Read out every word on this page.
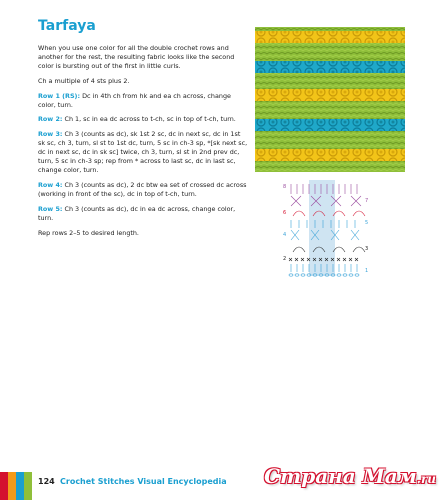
Tarfaya

When you use one color for all the double crochet rows and another for the rest, the resulting fabric looks like the second color is bursting out of the first in little curls.

Ch a multiple of 4 sts plus 2.

Row 1 (RS): Dc in 4th ch from hk and ea ch across, change color, turn.

Row 2: Ch 1, sc in ea dc across to t-ch, sc in top of t-ch, turn.

Row 3: Ch 3 (counts as dc), sk 1st 2 sc, dc in next sc, dc in 1st sk sc, ch 3, turn, sl st to 1st dc, turn, 5 sc in ch-3 sp, *[sk next sc, dc in next sc, dc in sk sc] twice, ch 3, turn, sl st in 2nd prev dc, turn, 5 sc in ch-3 sp; rep from * across to last sc, dc in last sc, change color, turn.

Row 4: Ch 3 (counts as dc), 2 dc btw ea set of crossed dc across (working in front of the sc), dc in top of t-ch, turn.

Row 5: Ch 3 (counts as dc), dc in ea dc across, change color, turn.

Rep rows 2–5 to desired length.

8
7
6
5
4
3
2
1
124 Crochet Stitches Visual Encyclopedia Страна Мам.ru
